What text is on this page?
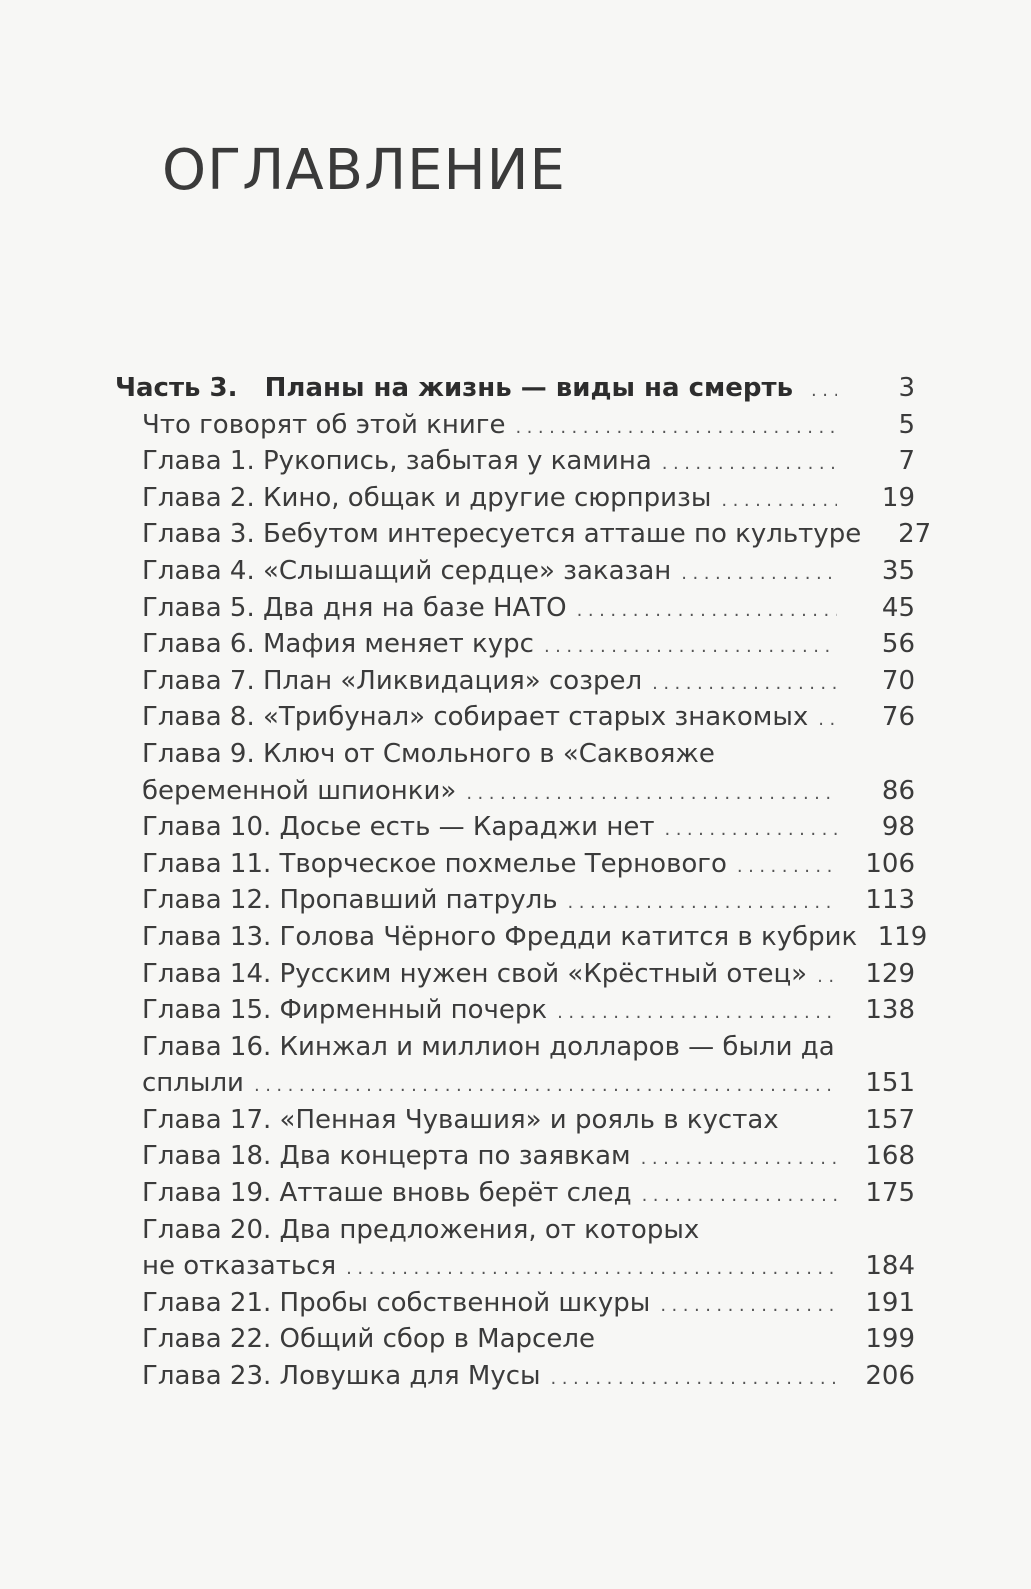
ОГЛАВЛЕНИЕ
Часть 3. Планы на жизнь — виды на смерть .....	3
Что говорят об этой книге .....	5
Глава 1. Рукопись, забытая у камина .....	7
Глава 2. Кино, общак и другие сюрпризы .....	19
Глава 3. Бебутом интересуется атташе по культуре	27
Глава 4. «Слышащий сердце» заказан .....	35
Глава 5. Два дня на базе НАТО .....	45
Глава 6. Мафия меняет курс .....	56
Глава 7. План «Ликвидация» созрел .....	70
Глава 8. «Трибунал» собирает старых знакомых .....	76
Глава 9. Ключ от Смольного в «Саквояже
беременной шпионки» .....	86
Глава 10. Досье есть — Караджи нет .....	98
Глава 11. Творческое похмелье Тернового .....	106
Глава 12. Пропавший патруль .....	113
Глава 13. Голова Чёрного Фредди катится в кубрик 119
Глава 14. Русским нужен свой «Крёстный отец» .....	129
Глава 15. Фирменный почерк .....	138
Глава 16. Кинжал и миллион долларов — были да
сплыли .....	151
Глава 17. «Пенная Чувашия» и рояль в кустах	157
Глава 18. Два концерта по заявкам .....	168
Глава 19. Атташе вновь берёт след .....	175
Глава 20. Два предложения, от которых
не отказаться .....	184
Глава 21. Пробы собственной шкуры .....	191
Глава 22. Общий сбор в Марселе	199
Глава 23. Ловушка для Мусы .....	206
